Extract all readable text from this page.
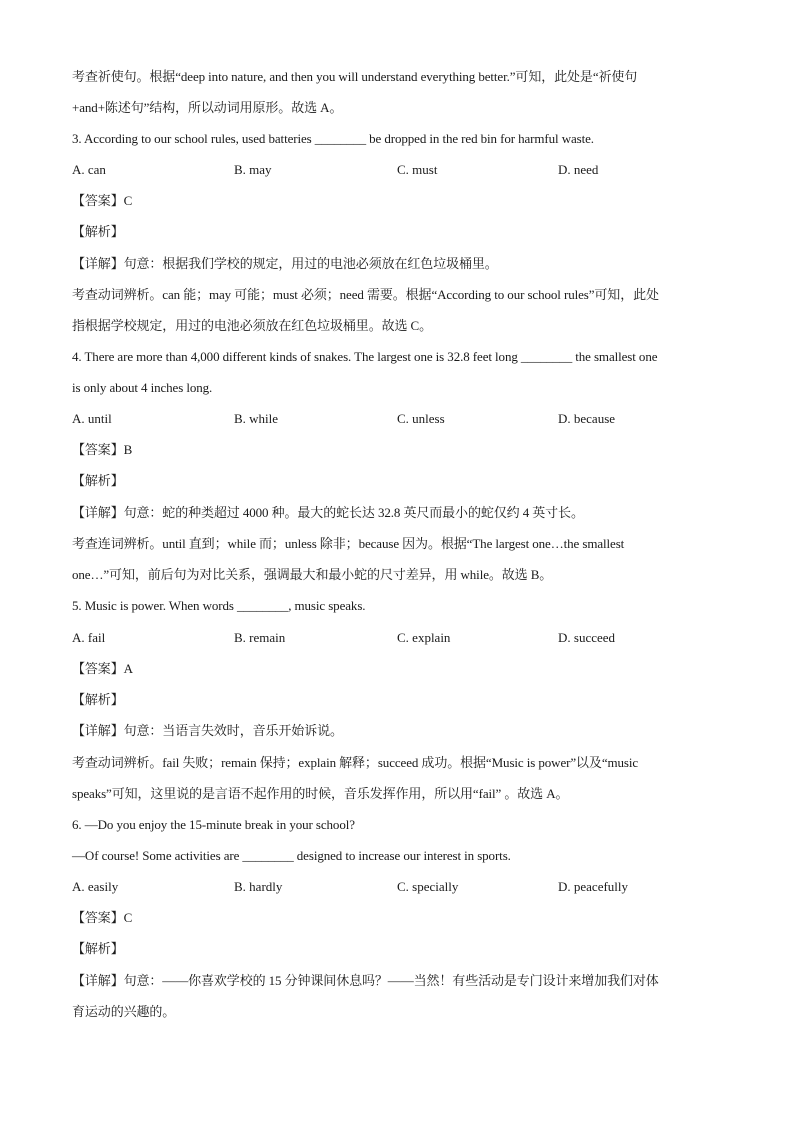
考查祈使句。根据“deep into nature, and then you will understand everything better.”可知，此处是“祈使句
+and+陈述句”结构，所以动词用原形。故选 A。
3. According to our school rules, used batteries ________ be dropped in the red bin for harmful waste.
A. can	B. may	C. must	D. need
【答案】C
【解析】
【详解】句意：根据我们学校的规定，用过的电池必须放在红色垃圾桶里。
考查动词辨析。can 能；may 可能；must 必须；need 需要。根据“According to our school rules”可知，此处
指根据学校规定，用过的电池必须放在红色垃圾桶里。故选 C。
4. There are more than 4,000 different kinds of snakes. The largest one is 32.8 feet long ________ the smallest one
is only about 4 inches long.
A. until	B. while	C. unless	D. because
【答案】B
【解析】
【详解】句意：蛇的种类超过 4000 种。最大的蛇长达 32.8 英尺而最小的蛇仅约 4 英寸长。
考查连词辨析。until 直到；while 而；unless 除非；because 因为。根据“The largest one…the smallest
one…”可知，前后句为对比关系，强调最大和最小蛇的尺寸差异，用 while。故选 B。
5. Music is power. When words ________, music speaks.
A. fail	B. remain	C. explain	D. succeed
【答案】A
【解析】
【详解】句意：当语言失效时，音乐开始诉说。
考查动词辨析。fail 失败；remain 保持；explain 解释；succeed 成功。根据“Music is power”以及“music
speaks”可知，这里说的是言语不起作用的时候，音乐发挥作用，所以用“fail” 。故选 A。
6. —Do you enjoy the 15-minute break in your school?
—Of course! Some activities are ________ designed to increase our interest in sports.
A. easily	B. hardly	C. specially	D. peacefully
【答案】C
【解析】
【详解】句意：——你喜欢学校的 15 分钟课间休息吗？——当然！有些活动是专门设计来增加我们对体
育运动的兴趣的。
